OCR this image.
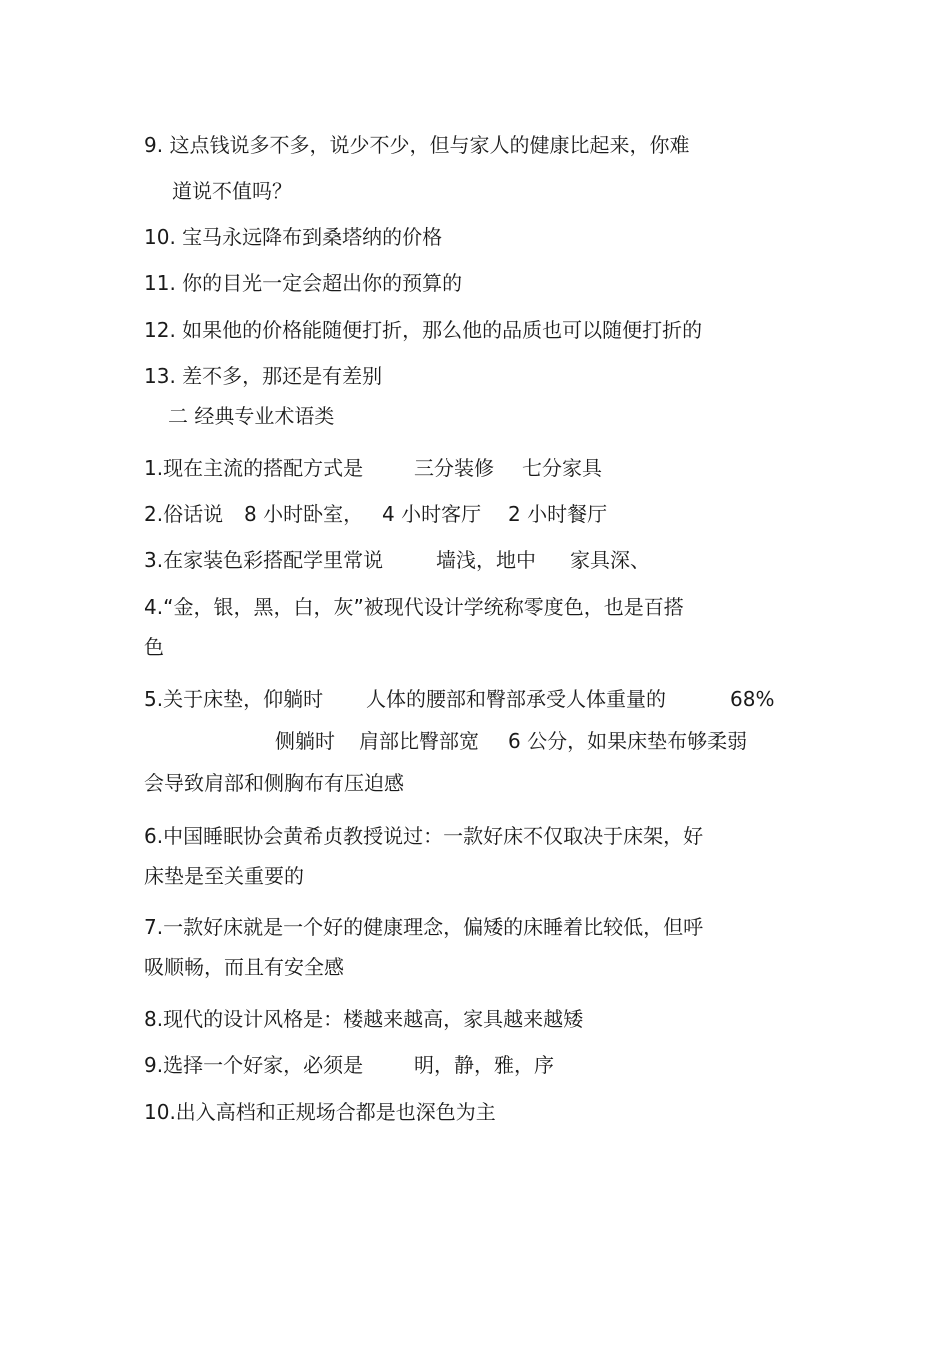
9. 这点钱说多不多，说少不少，但与家人的健康比起来，你难

道说不值吗？

10. 宝马永远降布到桑塔纳的价格

11. 你的目光一定会超出你的预算的

12. 如果他的价格能随便打折，那么他的品质也可以随便打折的

13. 差不多，那还是有差别

二 经典专业术语类

1.现在主流的搭配方式是	三分装修 七分家具
2.俗话说 8 小时卧室， 4 小时客厅 2 小时餐厅
3.在家装色彩搭配学里常说	墙浅，地中 家具深、

4.“金，银，黑，白，灰”被现代设计学统称零度色，也是百搭

色

5.关于床垫，仰躺时 人体的腰部和臀部承受人体重量的	68%
侧躺时 肩部比臀部宽 6 公分，如果床垫布够柔弱

会导致肩部和侧胸布有压迫感

6.中国睡眠协会黄希贞教授说过：一款好床不仅取决于床架，好

床垫是至关重要的

7.一款好床就是一个好的健康理念，偏矮的床睡着比较低，但呼

吸顺畅，而且有安全感

8.现代的设计风格是：楼越来越高，家具越来越矮

9.选择一个好家，必须是	明，静，雅，序

10.出入高档和正规场合都是也深色为主
